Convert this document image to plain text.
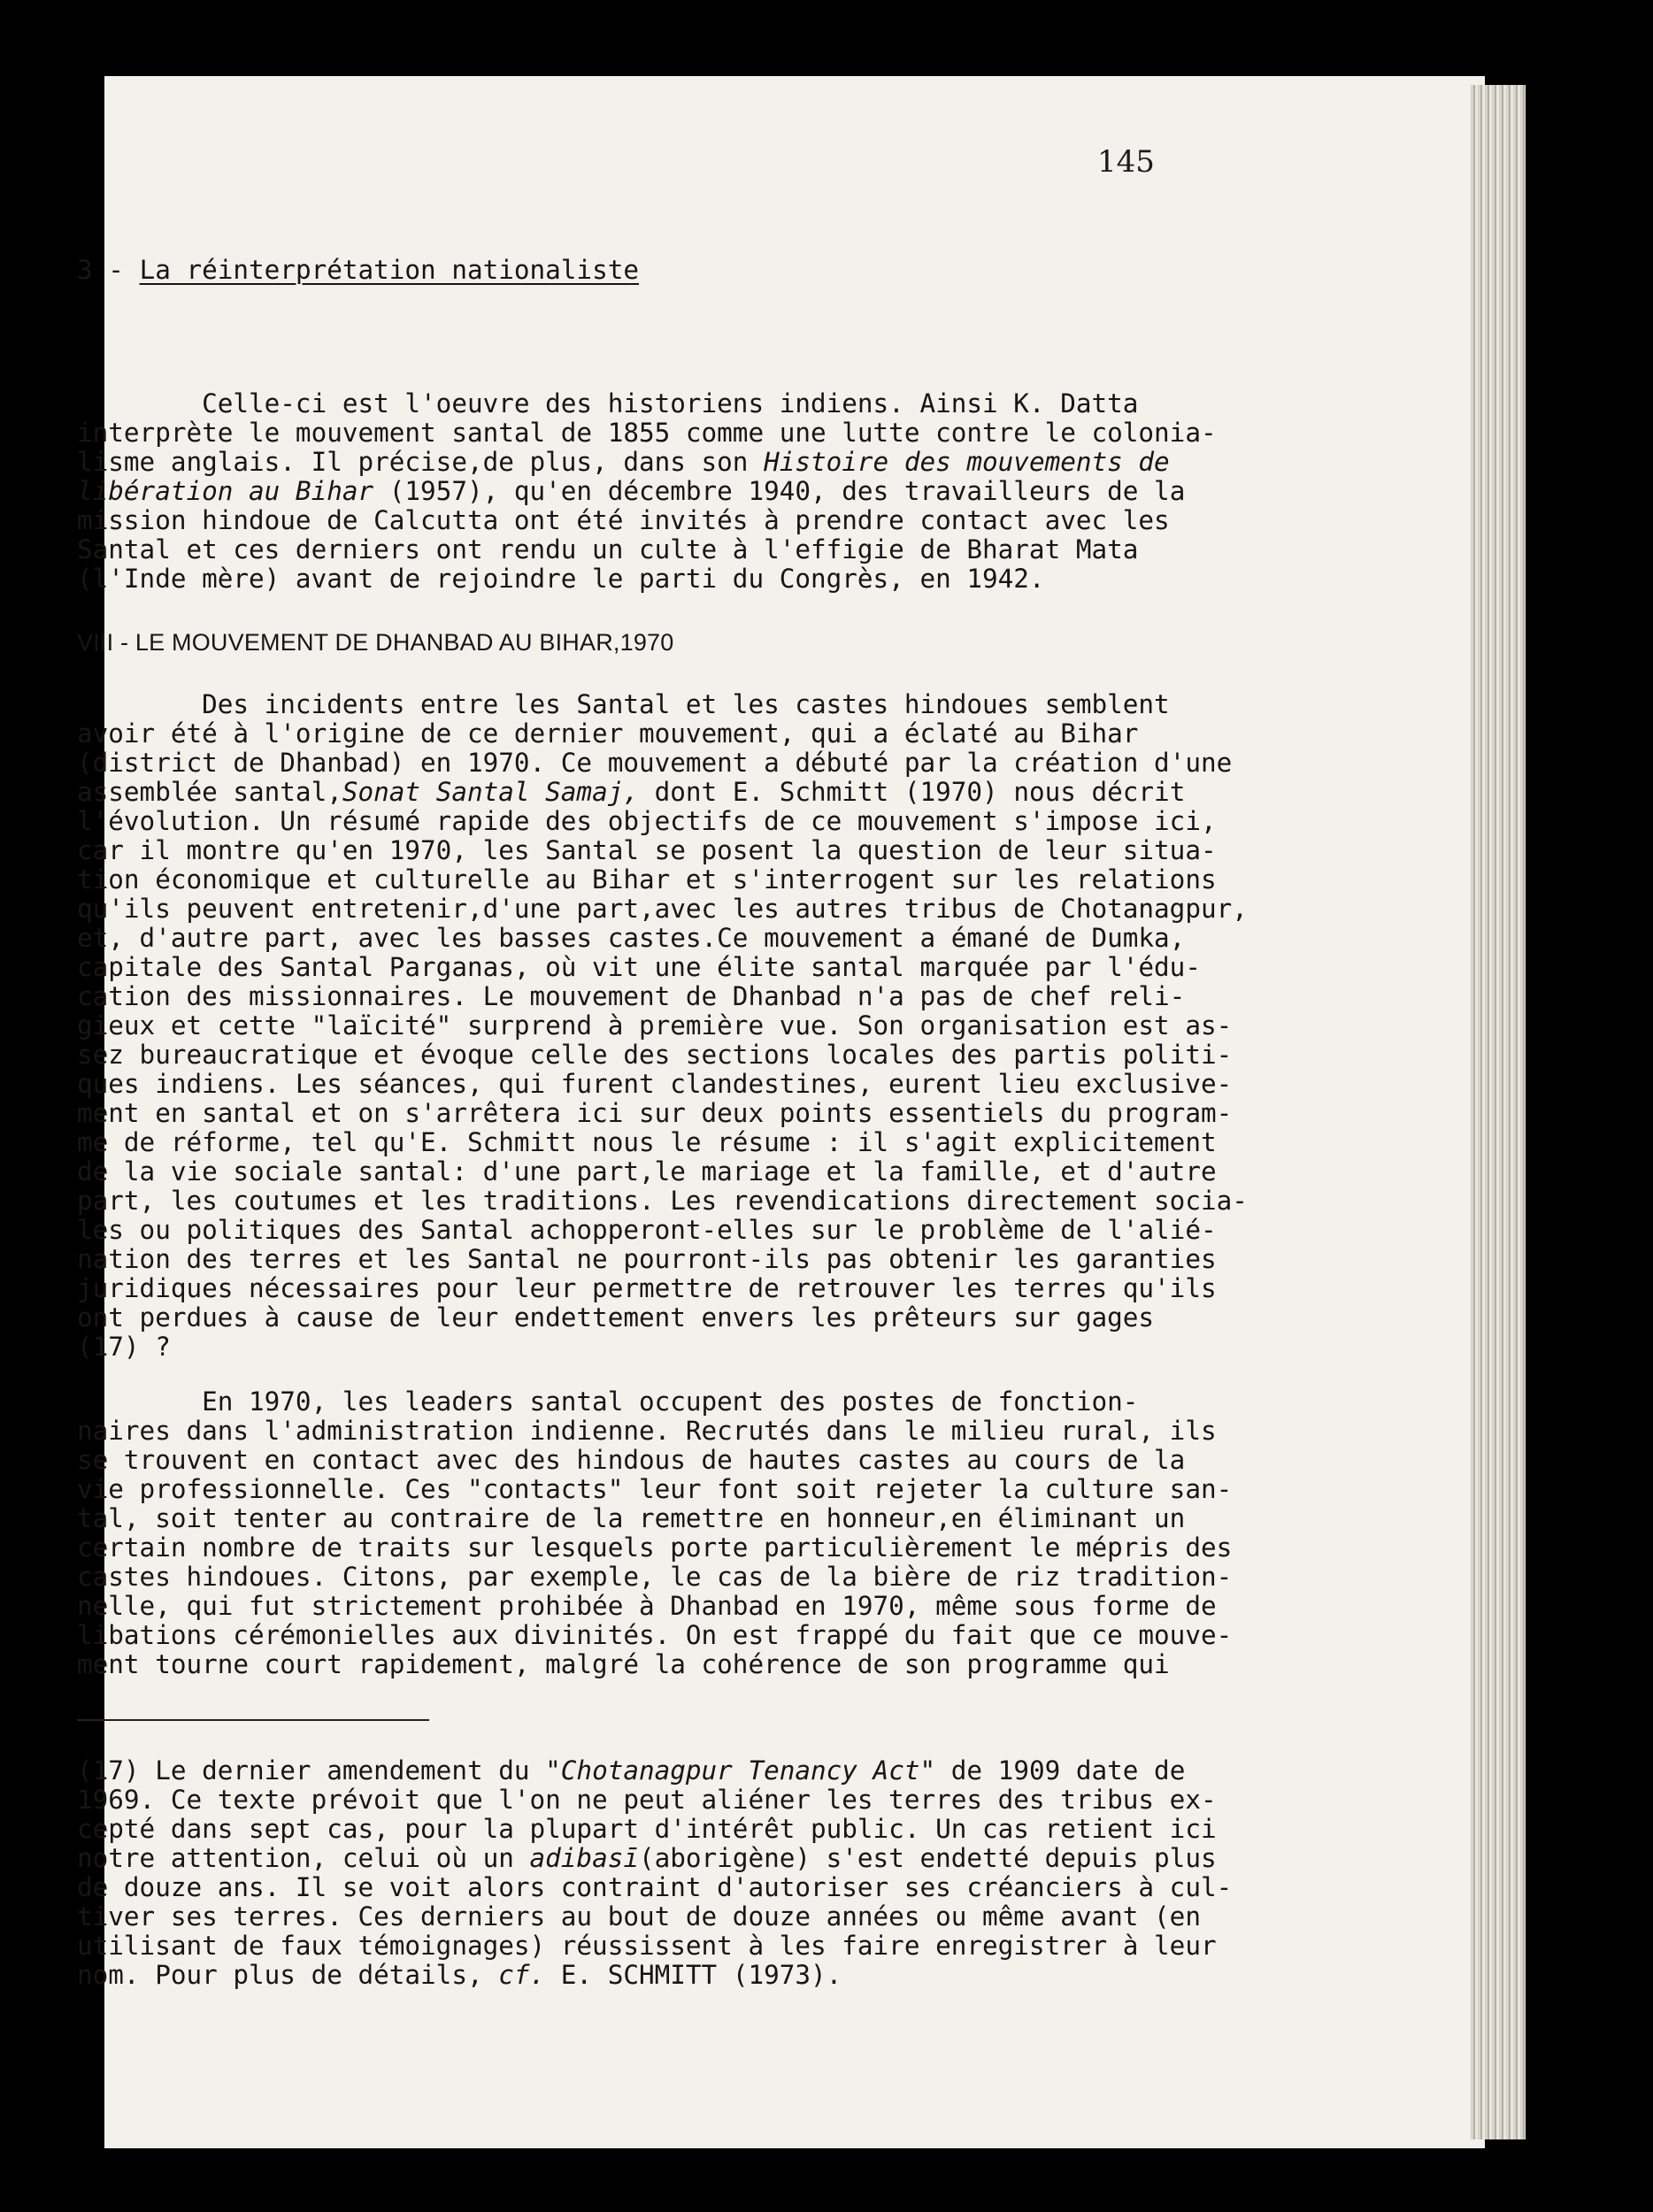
145
3 - La réinterprétation nationaliste
Celle-ci est l'oeuvre des historiens indiens. Ainsi K. Datta
interprète le mouvement santal de 1855 comme une lutte contre le colonia-
lisme anglais. Il précise,de plus, dans son Histoire des mouvements de
libération au Bihar (1957), qu'en décembre 1940, des travailleurs de la
mission hindoue de Calcutta ont été invités à prendre contact avec les
Santal et ces derniers ont rendu un culte à l'effigie de Bharat Mata
(l'Inde mère) avant de rejoindre le parti du Congrès, en 1942.
VIII - LE MOUVEMENT DE DHANBAD AU BIHAR,1970
Des incidents entre les Santal et les castes hindoues semblent
avoir été à l'origine de ce dernier mouvement, qui a éclaté au Bihar
(district de Dhanbad) en 1970. Ce mouvement a débuté par la création d'une
assemblée santal,Sonat Santal Samaj, dont E. Schmitt (1970) nous décrit
l'évolution. Un résumé rapide des objectifs de ce mouvement s'impose ici,
car il montre qu'en 1970, les Santal se posent la question de leur situa-
tion économique et culturelle au Bihar et s'interrogent sur les relations
qu'ils peuvent entretenir,d'une part,avec les autres tribus de Chotanagpur,
et, d'autre part, avec les basses castes.Ce mouvement a émané de Dumka,
capitale des Santal Parganas, où vit une élite santal marquée par l'édu-
cation des missionnaires. Le mouvement de Dhanbad n'a pas de chef reli-
gieux et cette "laïcité" surprend à première vue. Son organisation est as-
sez bureaucratique et évoque celle des sections locales des partis politi-
ques indiens. Les séances, qui furent clandestines, eurent lieu exclusive-
ment en santal et on s'arrêtera ici sur deux points essentiels du program-
me de réforme, tel qu'E. Schmitt nous le résume : il s'agit explicitement
de la vie sociale santal: d'une part,le mariage et la famille, et d'autre
part, les coutumes et les traditions. Les revendications directement socia-
les ou politiques des Santal achopperont-elles sur le problème de l'alié-
nation des terres et les Santal ne pourront-ils pas obtenir les garanties
juridiques nécessaires pour leur permettre de retrouver les terres qu'ils
ont perdues à cause de leur endettement envers les prêteurs sur gages
(17) ?
En 1970, les leaders santal occupent des postes de fonction-
naires dans l'administration indienne. Recrutés dans le milieu rural, ils
se trouvent en contact avec des hindous de hautes castes au cours de la
vie professionnelle. Ces "contacts" leur font soit rejeter la culture san-
tal, soit tenter au contraire de la remettre en honneur,en éliminant un
certain nombre de traits sur lesquels porte particulièrement le mépris des
castes hindoues. Citons, par exemple, le cas de la bière de riz tradition-
nelle, qui fut strictement prohibée à Dhanbad en 1970, même sous forme de
libations cérémonielles aux divinités. On est frappé du fait que ce mouve-
ment tourne court rapidement, malgré la cohérence de son programme qui
(17) Le dernier amendement du "Chotanagpur Tenancy Act" de 1909 date de
1969. Ce texte prévoit que l'on ne peut aliéner les terres des tribus ex-
cepté dans sept cas, pour la plupart d'intérêt public. Un cas retient ici
notre attention, celui où un adibasī(aborigène) s'est endetté depuis plus
de douze ans. Il se voit alors contraint d'autoriser ses créanciers à cul-
tiver ses terres. Ces derniers au bout de douze années ou même avant (en
utilisant de faux témoignages) réussissent à les faire enregistrer à leur
nom. Pour plus de détails, cf. E. SCHMITT (1973).
